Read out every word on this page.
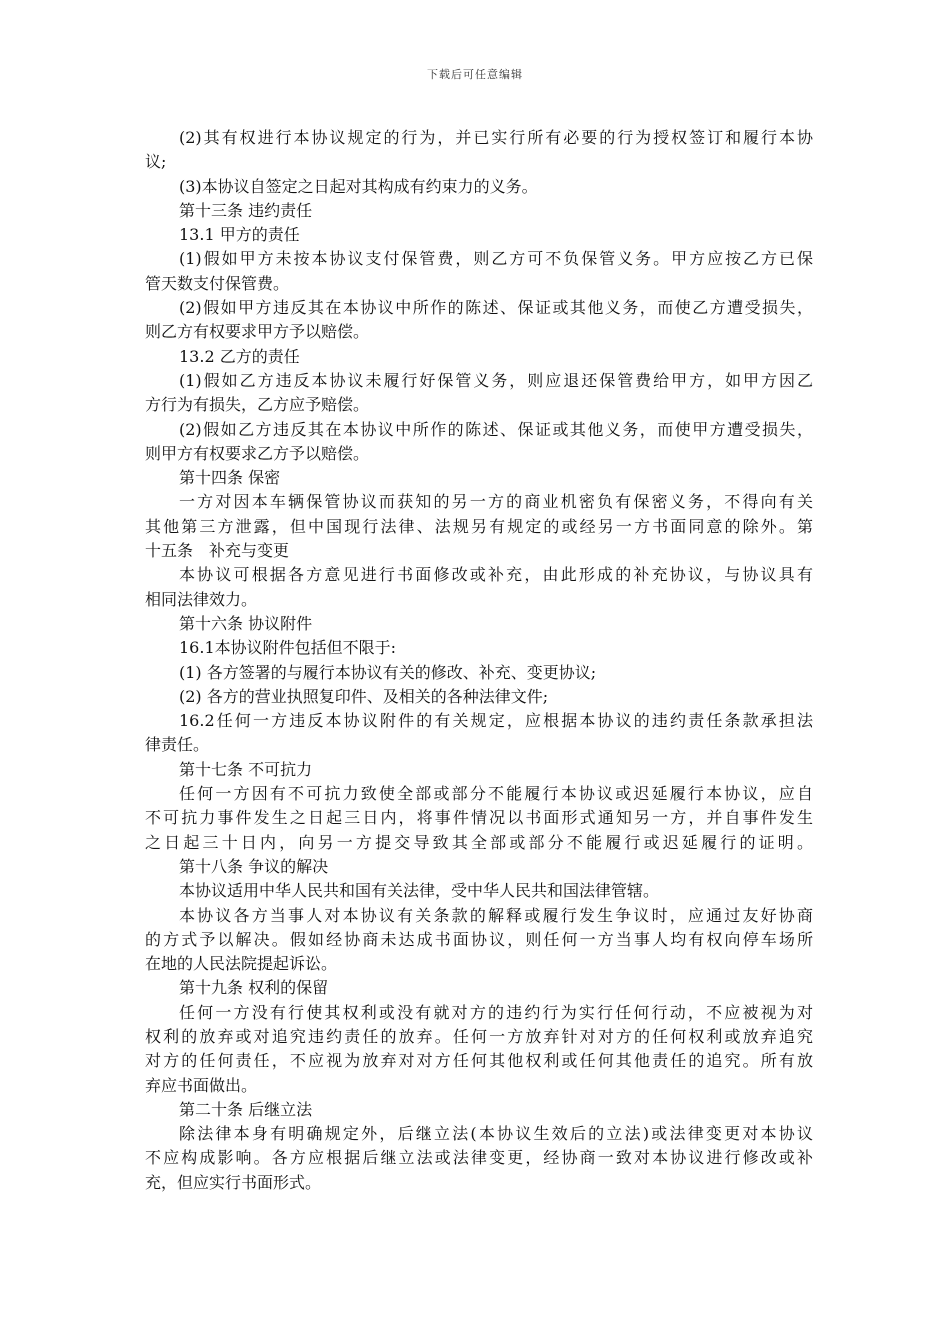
下载后可任意编辑
(2)其有权进行本协议规定的行为，并已实行所有必要的行为授权签订和履行本协
议;
(3)本协议自签定之日起对其构成有约束力的义务。
第十三条 违约责任
13.1 甲方的责任
(1)假如甲方未按本协议支付保管费，则乙方可不负保管义务。甲方应按乙方已保
管天数支付保管费。
(2)假如甲方违反其在本协议中所作的陈述、保证或其他义务，而使乙方遭受损失，
则乙方有权要求甲方予以赔偿。
13.2 乙方的责任
(1)假如乙方违反本协议未履行好保管义务，则应退还保管费给甲方，如甲方因乙
方行为有损失，乙方应予赔偿。
(2)假如乙方违反其在本协议中所作的陈述、保证或其他义务，而使甲方遭受损失，
则甲方有权要求乙方予以赔偿。
第十四条 保密
一方对因本车辆保管协议而获知的另一方的商业机密负有保密义务，不得向有关
其他第三方泄露，但中国现行法律、法规另有规定的或经另一方书面同意的除外。第
十五条　补充与变更
本协议可根据各方意见进行书面修改或补充，由此形成的补充协议，与协议具有
相同法律效力。
第十六条 协议附件
16.1本协议附件包括但不限于:
(1) 各方签署的与履行本协议有关的修改、补充、变更协议;
(2) 各方的营业执照复印件、及相关的各种法律文件;
16.2任何一方违反本协议附件的有关规定，应根据本协议的违约责任条款承担法
律责任。
第十七条 不可抗力
任何一方因有不可抗力致使全部或部分不能履行本协议或迟延履行本协议，应自
不可抗力事件发生之日起三日内，将事件情况以书面形式通知另一方，并自事件发生
之日起三十日内，向另一方提交导致其全部或部分不能履行或迟延履行的证明。
第十八条 争议的解决
本协议适用中华人民共和国有关法律，受中华人民共和国法律管辖。
本协议各方当事人对本协议有关条款的解释或履行发生争议时，应通过友好协商
的方式予以解决。假如经协商未达成书面协议，则任何一方当事人均有权向停车场所
在地的人民法院提起诉讼。
第十九条 权利的保留
任何一方没有行使其权利或没有就对方的违约行为实行任何行动，不应被视为对
权利的放弃或对追究违约责任的放弃。任何一方放弃针对对方的任何权利或放弃追究
对方的任何责任，不应视为放弃对对方任何其他权利或任何其他责任的追究。所有放
弃应书面做出。
第二十条 后继立法
除法律本身有明确规定外，后继立法(本协议生效后的立法)或法律变更对本协议
不应构成影响。各方应根据后继立法或法律变更，经协商一致对本协议进行修改或补
充，但应实行书面形式。
